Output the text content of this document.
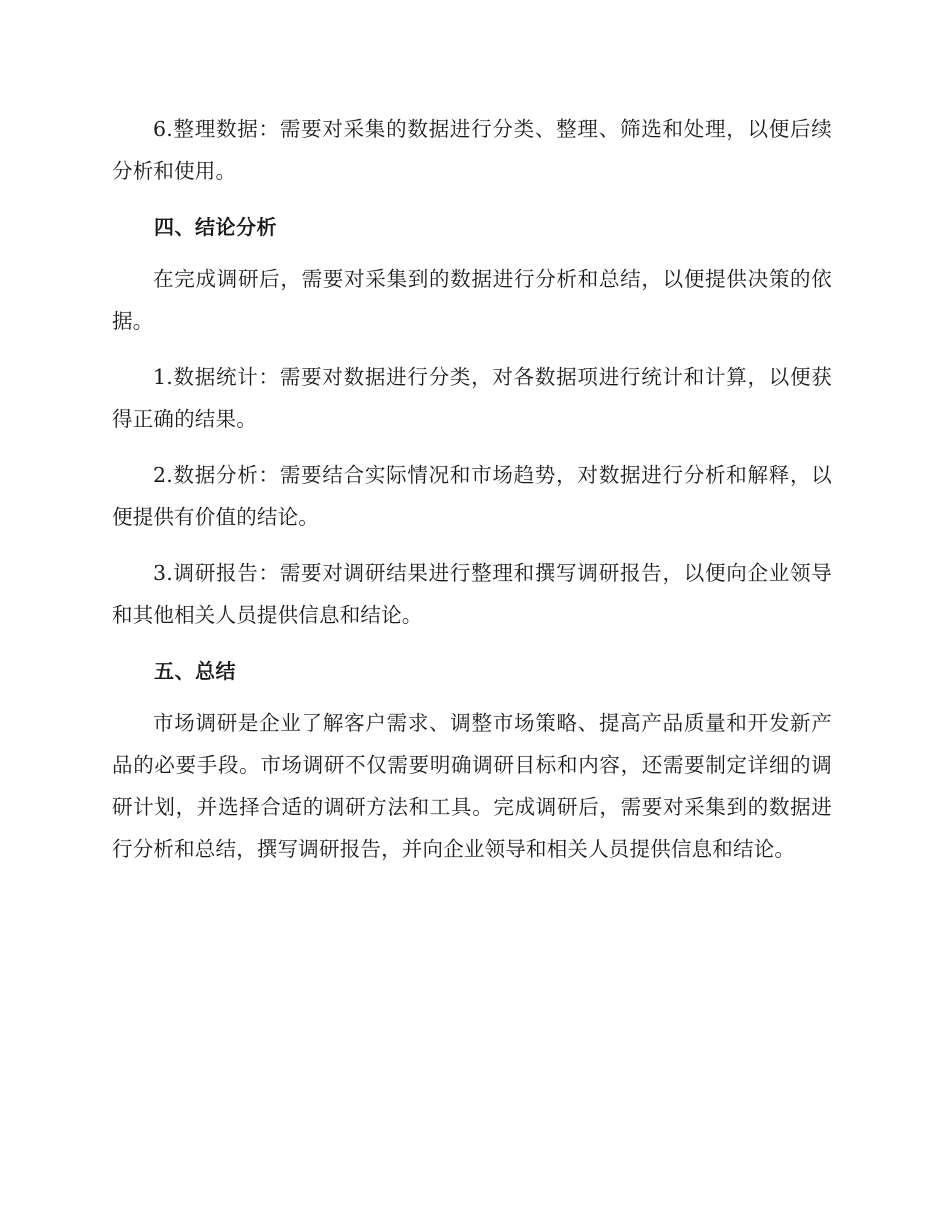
6.整理数据：需要对采集的数据进行分类、整理、筛选和处理，以便后续分析和使用。

四、结论分析

在完成调研后，需要对采集到的数据进行分析和总结，以便提供决策的依据。

1.数据统计：需要对数据进行分类，对各数据项进行统计和计算，以便获得正确的结果。

2.数据分析：需要结合实际情况和市场趋势，对数据进行分析和解释，以便提供有价值的结论。

3.调研报告：需要对调研结果进行整理和撰写调研报告，以便向企业领导和其他相关人员提供信息和结论。

五、总结

市场调研是企业了解客户需求、调整市场策略、提高产品质量和开发新产品的必要手段。市场调研不仅需要明确调研目标和内容，还需要制定详细的调研计划，并选择合适的调研方法和工具。完成调研后，需要对采集到的数据进行分析和总结，撰写调研报告，并向企业领导和相关人员提供信息和结论。
